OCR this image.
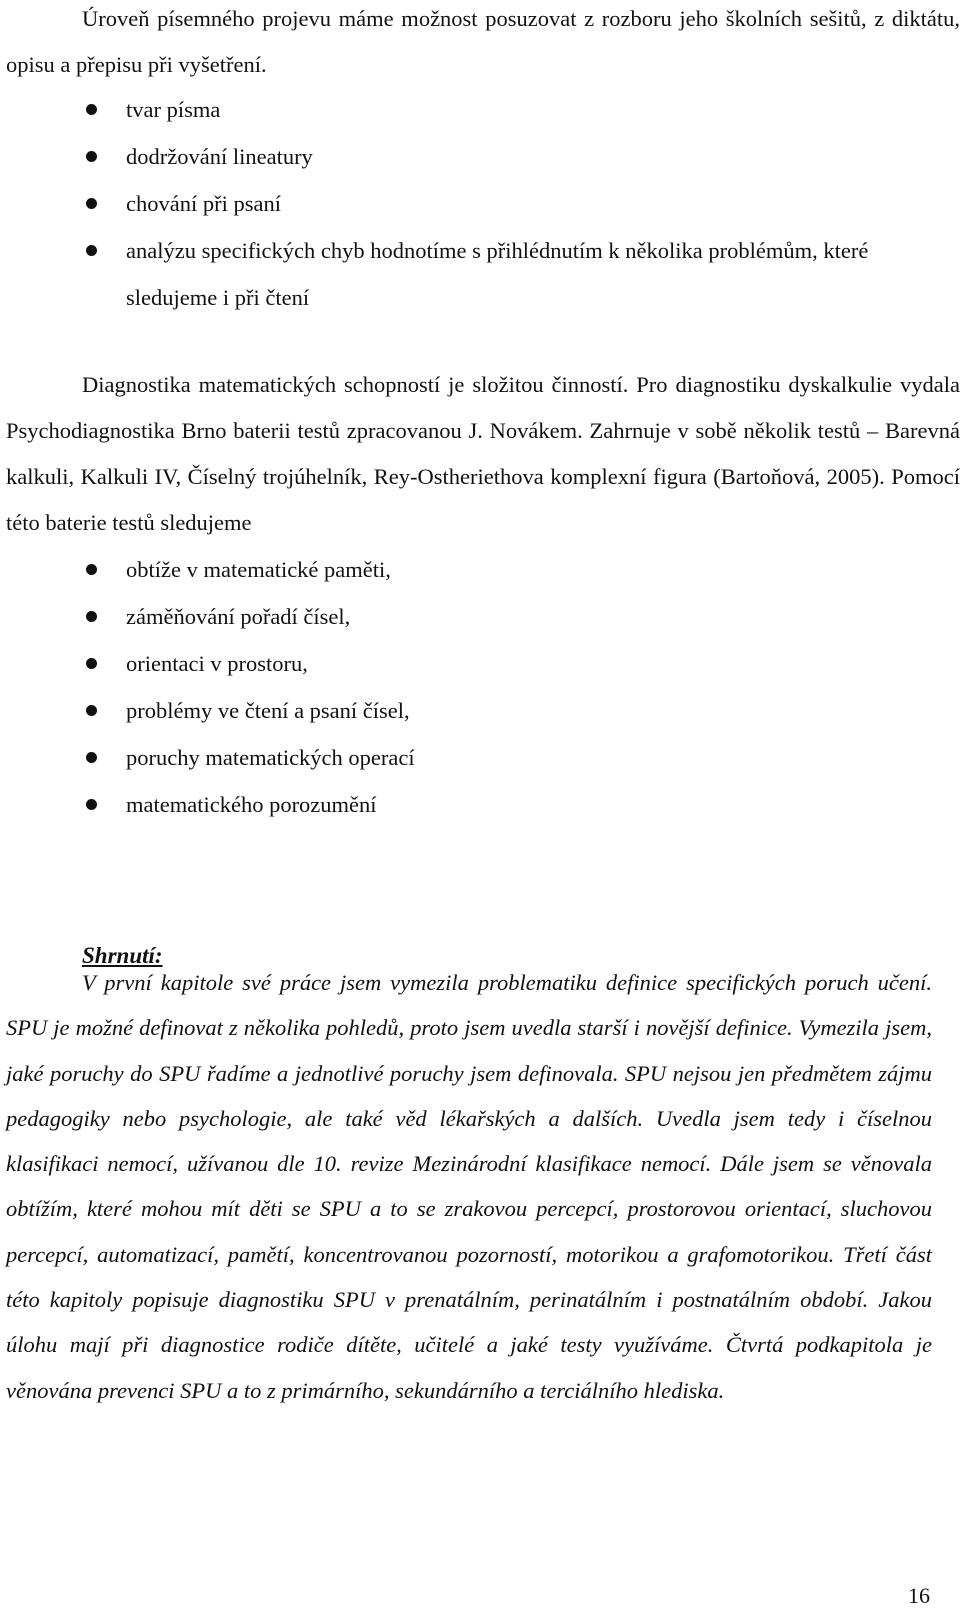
Úroveň písemného projevu máme možnost posuzovat z rozboru jeho školních sešitů, z diktátu, opisu a přepisu při vyšetření.

tvar písma
dodržování lineatury
chování při psaní
analýzu specifických chyb hodnotíme s přihlédnutím k několika problémům, které sledujeme i při čtení

Diagnostika matematických schopností je složitou činností. Pro diagnostiku dyskalkulie vydala Psychodiagnostika Brno baterii testů zpracovanou J. Novákem. Zahrnuje v sobě několik testů – Barevná kalkuli, Kalkuli IV, Číselný trojúhelník, Rey-Ostheriethova komplexní figura (Bartoňová, 2005). Pomocí této baterie testů sledujeme

obtíže v matematické paměti,
záměňování pořadí čísel,
orientaci v prostoru,
problémy ve čtení a psaní čísel,
poruchy matematických operací
matematického porozumění

Shrnutí:

V první kapitole své práce jsem vymezila problematiku definice specifických poruch učení. SPU je možné definovat z několika pohledů, proto jsem uvedla starší i novější definice. Vymezila jsem, jaké poruchy do SPU řadíme a jednotlivé poruchy jsem definovala. SPU nejsou jen předmětem zájmu pedagogiky nebo psychologie, ale také věd lékařských a dalších. Uvedla jsem tedy i číselnou klasifikaci nemocí, užívanou dle 10. revize Mezinárodní klasifikace nemocí. Dále jsem se věnovala obtížím, které mohou mít děti se SPU a to se zrakovou percepcí, prostorovou orientací, sluchovou percepcí, automatizací, pamětí, koncentrovanou pozorností, motorikou a grafomotorikou. Třetí část této kapitoly popisuje diagnostiku SPU v prenatálním, perinatálním i postnatálním období. Jakou úlohu mají při diagnostice rodiče dítěte, učitelé a jaké testy využíváme. Čtvrtá podkapitola je věnována prevenci SPU a to z primárního, sekundárního a terciálního hlediska.

16
